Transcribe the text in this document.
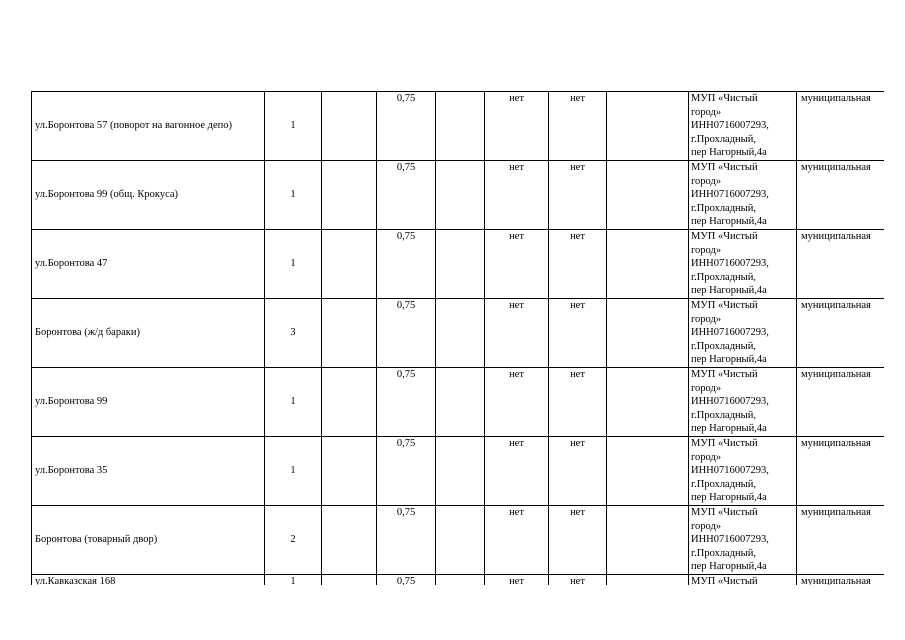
ул.Боронтова 57 (поворот на вагонное депо)	1		0,75		нет	нет		МУП «Чистый
город»
ИНН0716007293,
г.Прохладный,
пер Нагорный,4а	муниципальная
ул.Боронтова 99 (общ. Крокуса)	1		0,75		нет	нет		МУП «Чистый
город»
ИНН0716007293,
г.Прохладный,
пер Нагорный,4а	муниципальная
ул.Боронтова 47	1		0,75		нет	нет		МУП «Чистый
город»
ИНН0716007293,
г.Прохладный,
пер Нагорный,4а	муниципальная
Боронтова (ж/д бараки)	3		0,75		нет	нет		МУП «Чистый
город»
ИНН0716007293,
г.Прохладный,
пер Нагорный,4а	муниципальная
ул.Боронтова 99	1		0,75		нет	нет		МУП «Чистый
город»
ИНН0716007293,
г.Прохладный,
пер Нагорный,4а	муниципальная
ул.Боронтова 35	1		0,75		нет	нет		МУП «Чистый
город»
ИНН0716007293,
г.Прохладный,
пер Нагорный,4а	муниципальная
Боронтова (товарный двор)	2		0,75		нет	нет		МУП «Чистый
город»
ИНН0716007293,
г.Прохладный,
пер Нагорный,4а	муниципальная
ул.Кавказская 168	1		0,75		нет	нет		МУП «Чистый	муниципальная
